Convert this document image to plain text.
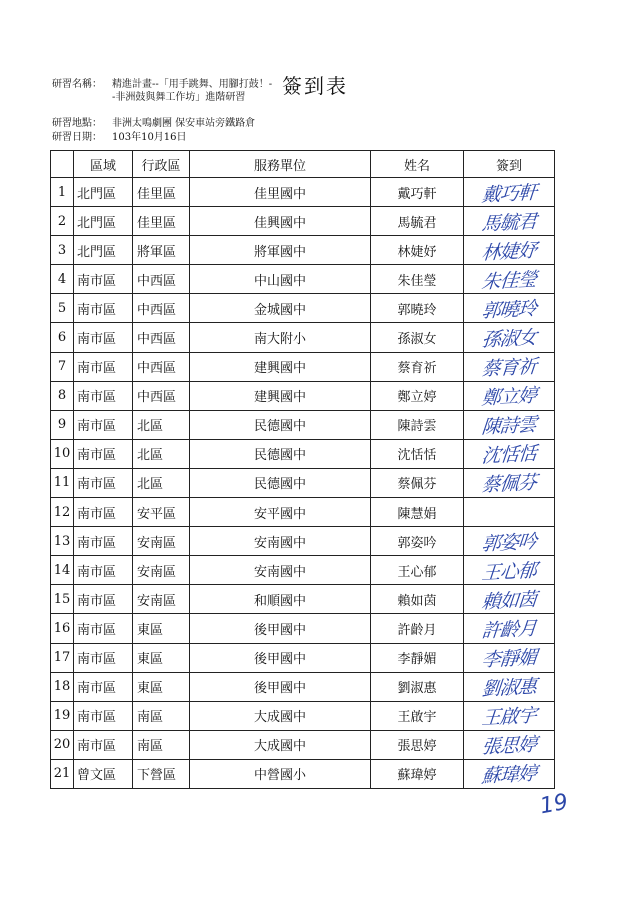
研習名稱： 精進計畫--「用手跳舞、用腳打鼓！--非洲鼓與舞工作坊」進階研習	簽到表
研習地點： 非洲太鳴劇團 保安車站旁鐵路倉
研習日期： 103年10月16日
	區域	行政區	服務單位	姓名	簽到
1	北門區	佳里區	佳里國中	戴巧軒	戴巧軒
2	北門區	佳里區	佳興國中	馬毓君	馬毓君
3	北門區	將軍區	將軍國中	林婕妤	林婕妤
4	南市區	中西區	中山國中	朱佳瑩	朱佳瑩
5	南市區	中西區	金城國中	郭曉玲	郭曉玲
6	南市區	中西區	南大附小	孫淑女	孫淑女
7	南市區	中西區	建興國中	蔡育祈	蔡育祈
8	南市區	中西區	建興國中	鄭立婷	鄭立婷
9	南市區	北區	民德國中	陳詩雲	陳詩雲
10	南市區	北區	民德國中	沈恬恬	沈恬恬
11	南市區	北區	民德國中	蔡佩芬	蔡佩芬
12	南市區	安平區	安平國中	陳慧娟	
13	南市區	安南區	安南國中	郭姿吟	郭姿吟
14	南市區	安南區	安南國中	王心郁	王心郁
15	南市區	安南區	和順國中	賴如茵	賴如茵
16	南市區	東區	後甲國中	許齡月	許齡月
17	南市區	東區	後甲國中	李靜媚	李靜媚
18	南市區	東區	後甲國中	劉淑惠	劉淑惠
19	南市區	南區	大成國中	王啟宇	王啟宇
20	南市區	南區	大成國中	張思婷	張思婷
21	曾文區	下營區	中營國小	蘇瑋婷	蘇瑋婷
19
